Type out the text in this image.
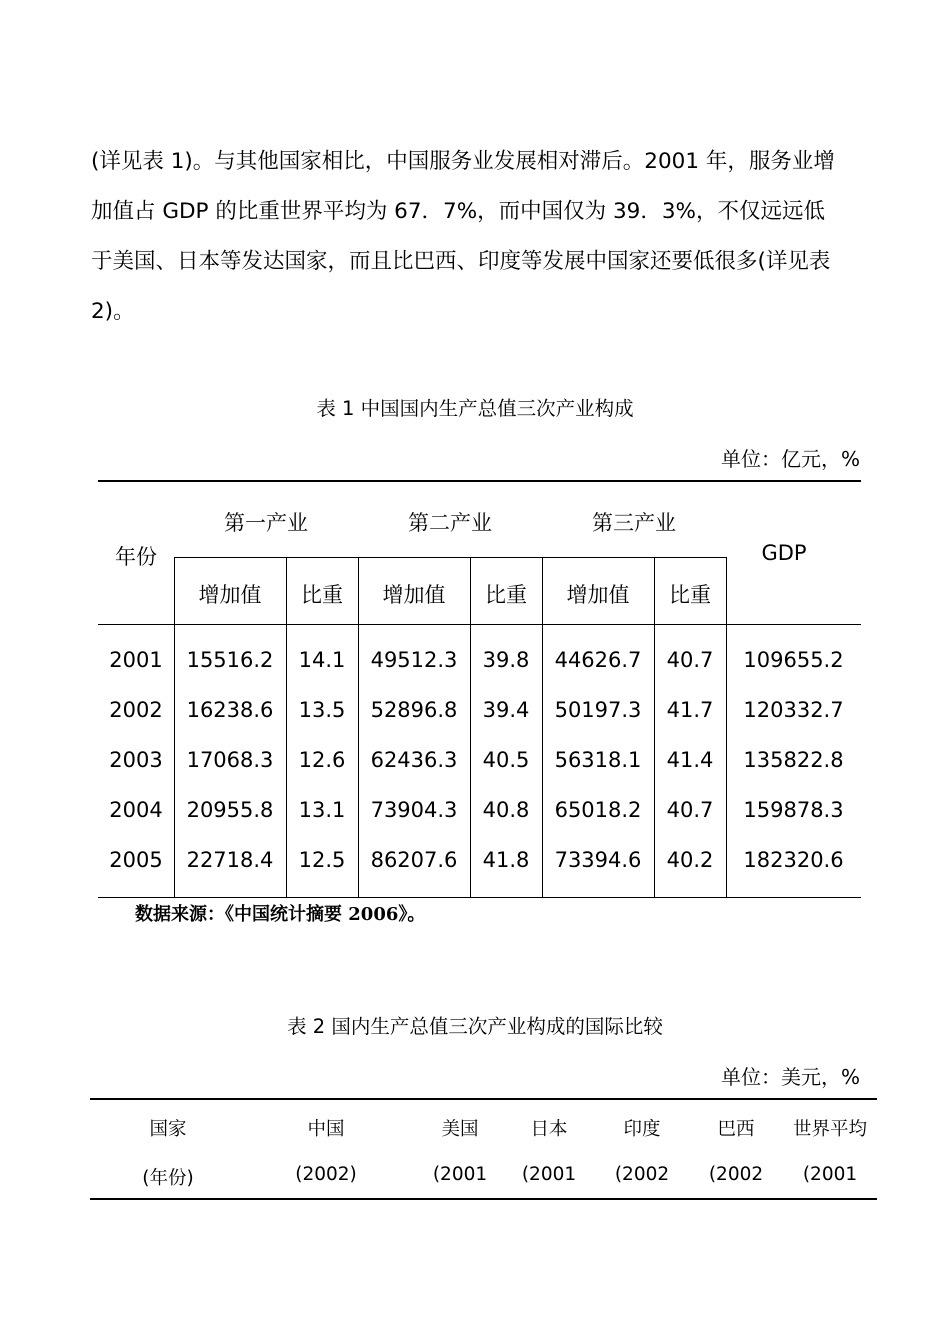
(详见表 1)。与其他国家相比，中国服务业发展相对滞后。2001 年，服务业增
加值占 GDP 的比重世界平均为 67．7%，而中国仅为 39．3%，不仅远远低
于美国、日本等发达国家，而且比巴西、印度等发展中国家还要低很多(详见表
2)。
表 1 中国国内生产总值三次产业构成
单位：亿元，%
年份
第一产业	第二产业	第三产业
GDP
增加值	比重	增加值	比重	增加值	比重
2001	15516.2	14.1	49512.3	39.8	44626.7	40.7	109655.2
2002	16238.6	13.5	52896.8	39.4	50197.3	41.7	120332.7
2003	17068.3	12.6	62436.3	40.5	56318.1	41.4	135822.8
2004	20955.8	13.1	73904.3	40.8	65018.2	40.7	159878.3
2005	22718.4	12.5	86207.6	41.8	73394.6	40.2	182320.6
数据来源：《中国统计摘要 2006》。
表 2 国内生产总值三次产业构成的国际比较
单位：美元，%
国家	中国	美国	日本	印度	巴西	世界平均
(年份)	(2002)	(2001	(2001	(2002	(2002	(2001
